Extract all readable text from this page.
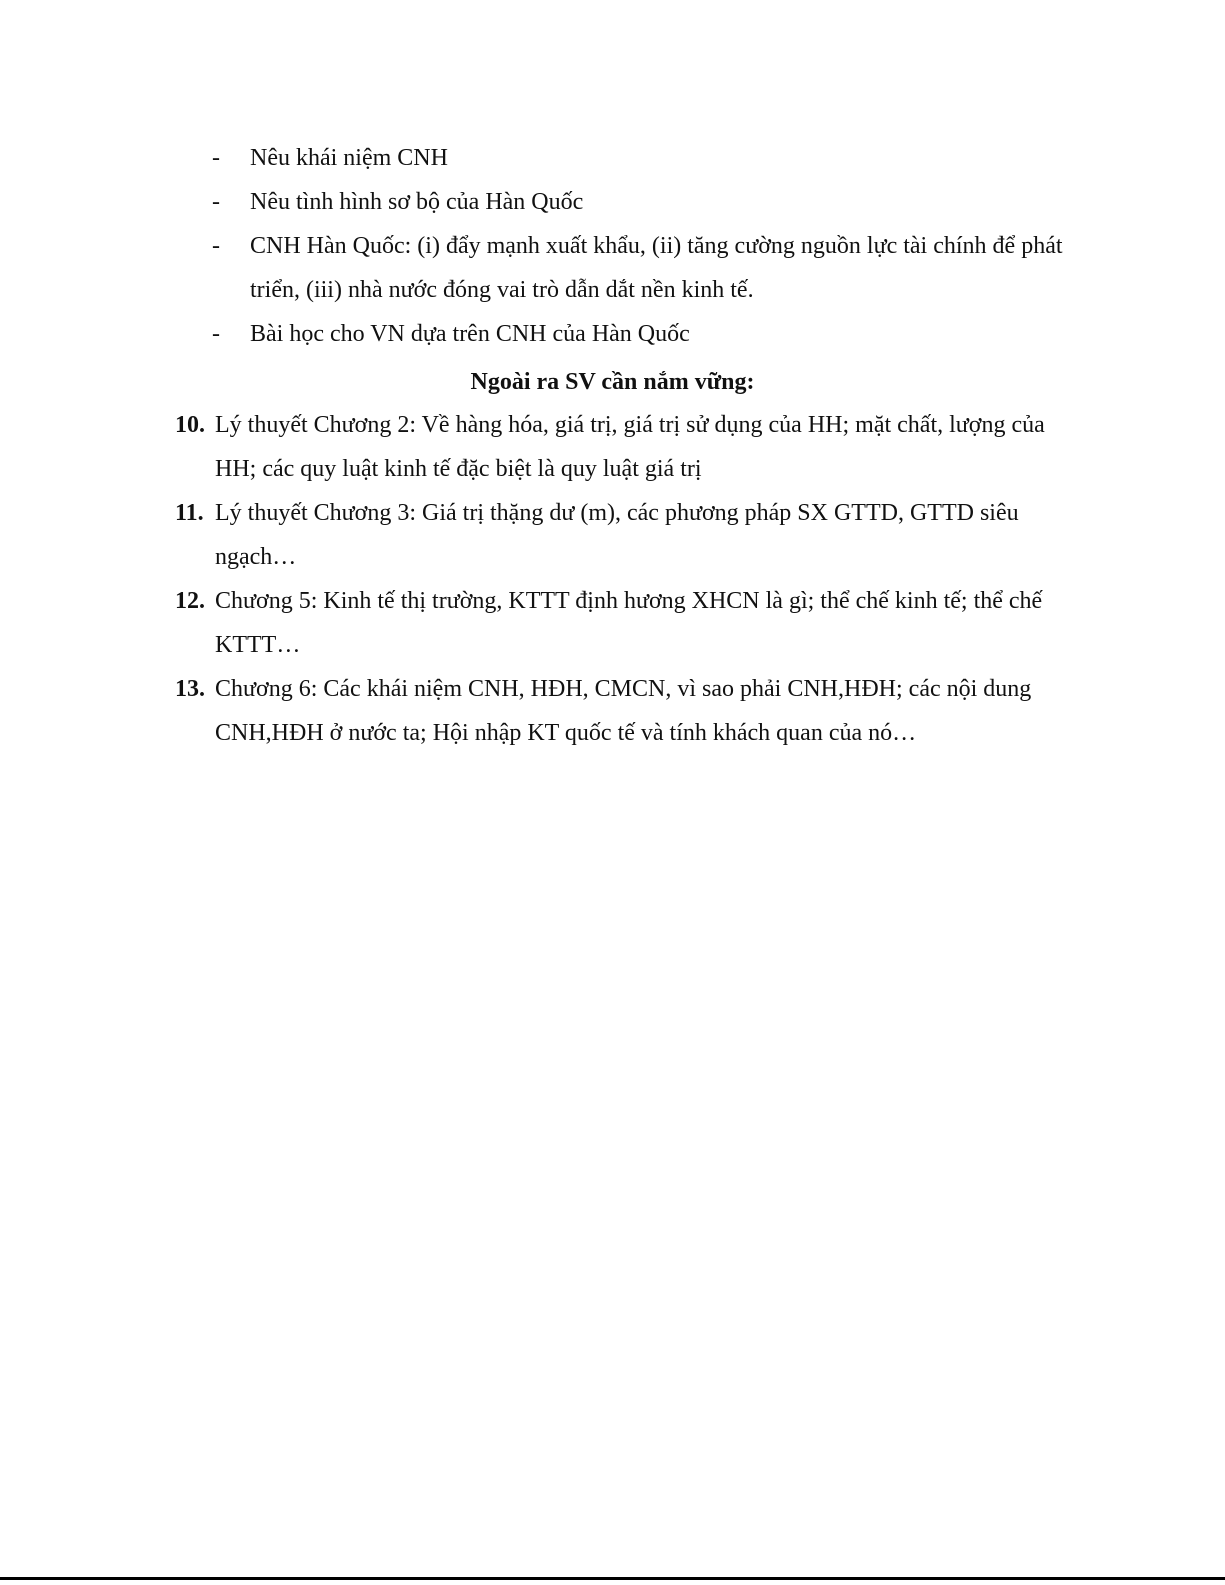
- Nêu khái niệm CNH
- Nêu tình hình sơ bộ của Hàn Quốc
- CNH Hàn Quốc: (i) đẩy mạnh xuất khẩu, (ii) tăng cường nguồn lực tài chính để phát triển, (iii) nhà nước đóng vai trò dẫn dắt nền kinh tế.
- Bài học cho VN dựa trên CNH của Hàn Quốc

Ngoài ra SV cần nắm vững:

10. Lý thuyết Chương 2: Về hàng hóa, giá trị, giá trị sử dụng của HH; mặt chất, lượng của HH; các quy luật kinh tế đặc biệt là quy luật giá trị
11. Lý thuyết Chương 3: Giá trị thặng dư (m), các phương pháp SX GTTD, GTTD siêu ngạch…
12. Chương 5: Kinh tế thị trường, KTTT định hương XHCN là gì; thể chế kinh tế; thể chế KTTT…
13. Chương 6: Các khái niệm CNH, HĐH, CMCN, vì sao phải CNH,HĐH; các nội dung CNH,HĐH ở nước ta; Hội nhập KT quốc tế và tính khách quan của nó…
